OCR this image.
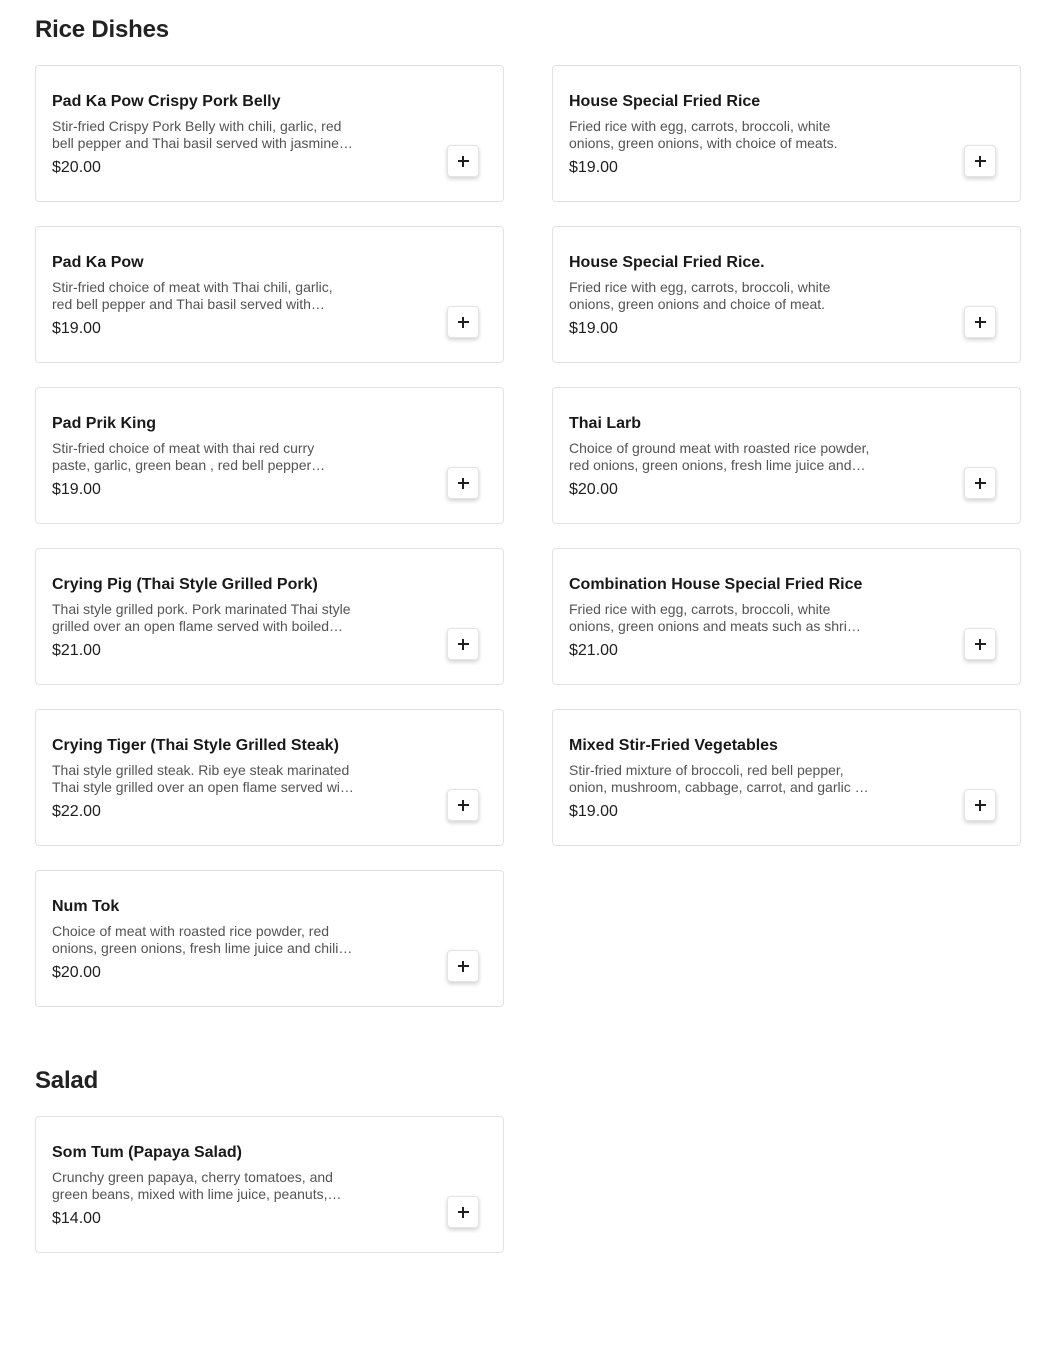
Rice Dishes
Pad Ka Pow Crispy Pork Belly
Stir-fried Crispy Pork Belly with chili, garlic, red bell pepper and Thai basil served with jasmine
$20.00
House Special Fried Rice
Fried rice with egg, carrots, broccoli, white onions, green onions, with choice of meats.
$19.00
Pad Ka Pow
Stir-fried choice of meat with Thai chili, garlic, red bell pepper and Thai basil served with
$19.00
House Special Fried Rice.
Fried rice with egg, carrots, broccoli, white onions, green onions and choice of meat.
$19.00
Pad Prik King
Stir-fried choice of meat with thai red curry paste, garlic, green bean , red bell pepper
$19.00
Thai Larb
Choice of ground meat with roasted rice powder, red onions, green onions, fresh lime juice and
$20.00
Crying Pig (Thai Style Grilled Pork)
Thai style grilled pork. Pork marinated Thai style grilled over an open flame served with boiled
$21.00
Combination House Special Fried Rice
Fried rice with egg, carrots, broccoli, white onions, green onions and meats such as shrimp,
$21.00
Crying Tiger (Thai Style Grilled Steak)
Thai style grilled steak. Rib eye steak marinated Thai style grilled over an open flame served with
$22.00
Mixed Stir-Fried Vegetables
Stir-fried mixture of broccoli, red bell pepper, onion, mushroom, cabbage, carrot, and garlic in
$19.00
Num Tok
Choice of meat with roasted rice powder, red onions, green onions, fresh lime juice and chili
$20.00
Salad
Som Tum (Papaya Salad)
Crunchy green papaya, cherry tomatoes, and green beans, mixed with lime juice, peanuts,
$14.00
